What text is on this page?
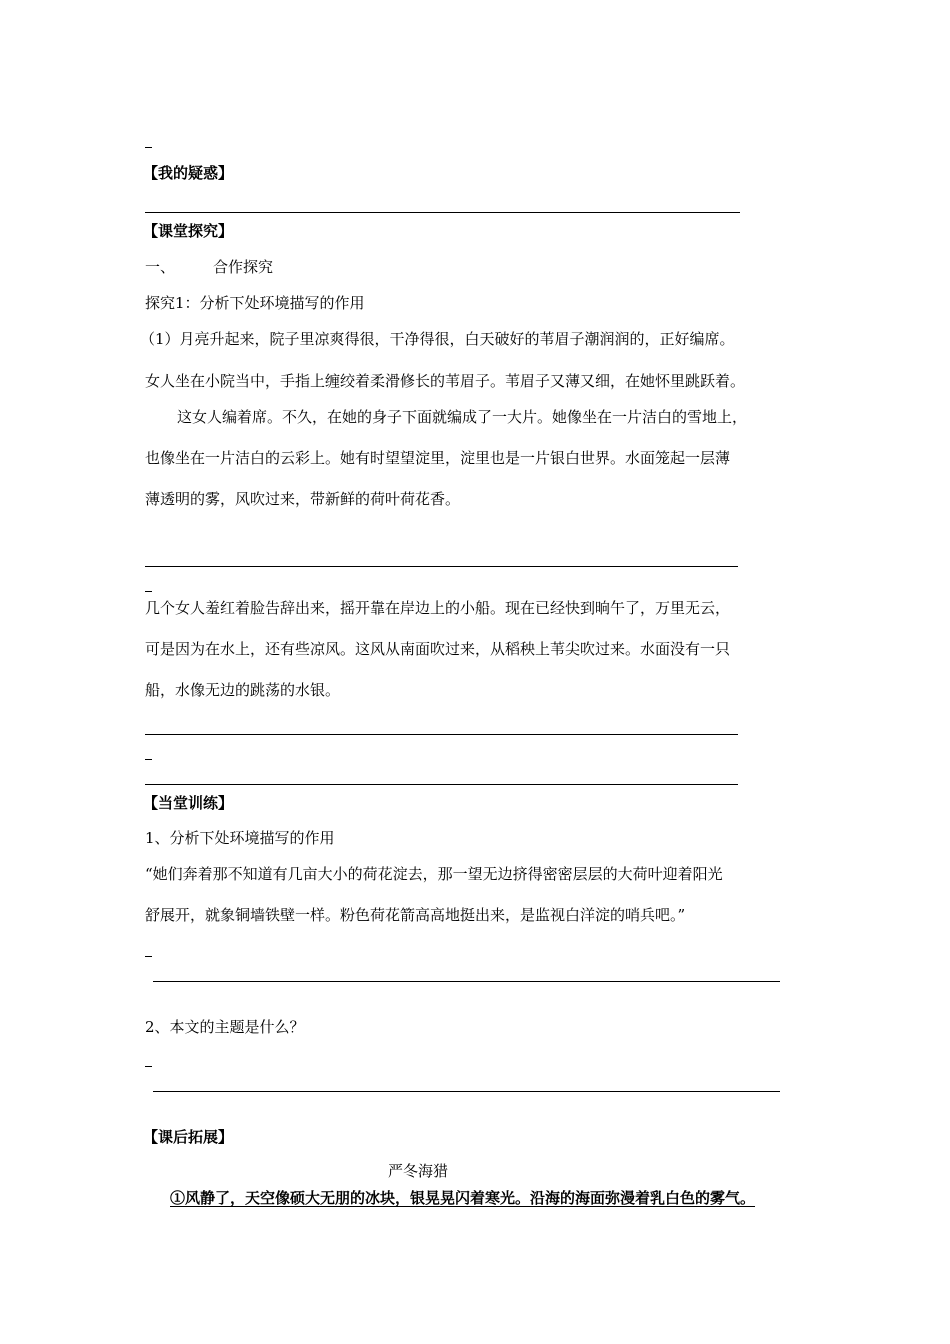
【我的疑惑】
【课堂探究】
一、	合作探究
探究1：分析下处环境描写的作用
（1）月亮升起来，院子里凉爽得很，干净得很，白天破好的苇眉子潮润润的，正好编席。
女人坐在小院当中，手指上缠绞着柔滑修长的苇眉子。苇眉子又薄又细，在她怀里跳跃着。
这女人编着席。不久，在她的身子下面就编成了一大片。她像坐在一片洁白的雪地上，
也像坐在一片洁白的云彩上。她有时望望淀里，淀里也是一片银白世界。水面笼起一层薄
薄透明的雾，风吹过来，带新鲜的荷叶荷花香。
几个女人羞红着脸告辞出来，摇开靠在岸边上的小船。现在已经快到晌午了，万里无云，
可是因为在水上，还有些凉风。这风从南面吹过来，从稻秧上苇尖吹过来。水面没有一只
船，水像无边的跳荡的水银。
【当堂训练】
1、分析下处环境描写的作用
“她们奔着那不知道有几亩大小的荷花淀去，那一望无边挤得密密层层的大荷叶迎着阳光
舒展开，就象铜墙铁壁一样。粉色荷花箭高高地挺出来，是监视白洋淀的哨兵吧。”
2、本文的主题是什么？
【课后拓展】
严冬海猎
①风静了，天空像硕大无朋的冰块，银晃晃闪着寒光。沿海的海面弥漫着乳白色的雾气。
